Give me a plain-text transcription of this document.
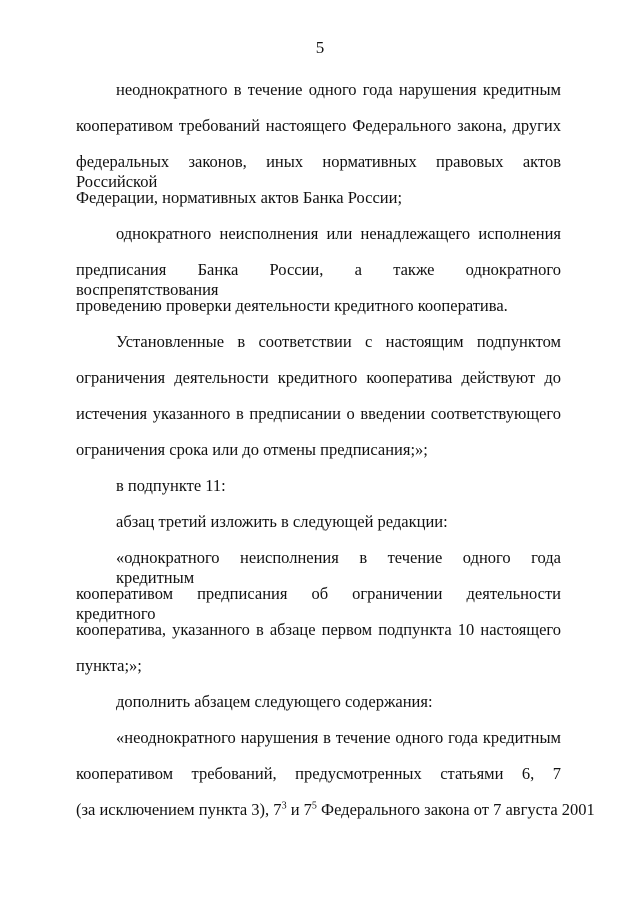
5
неоднократного в течение одного года нарушения кредитным
кооперативом требований настоящего Федерального закона, других
федеральных законов, иных нормативных правовых актов Российской
Федерации, нормативных актов Банка России;
однократного неисполнения или ненадлежащего исполнения
предписания Банка России, а также однократного воспрепятствования
проведению проверки деятельности кредитного кооператива.
Установленные в соответствии с настоящим подпунктом
ограничения деятельности кредитного кооператива действуют до
истечения указанного в предписании о введении соответствующего
ограничения срока или до отмены предписания;»;
в подпункте 11:
абзац третий изложить в следующей редакции:
«однократного неисполнения в течение одного года кредитным
кооперативом предписания об ограничении деятельности кредитного
кооператива, указанного в абзаце первом подпункта 10 настоящего
пункта;»;
дополнить абзацем следующего содержания:
«неоднократного нарушения в течение одного года кредитным
кооперативом требований, предусмотренных статьями 6, 7
(за исключением пункта 3), $7^3$ и $7^5$ Федерального закона от 7 августа 2001
